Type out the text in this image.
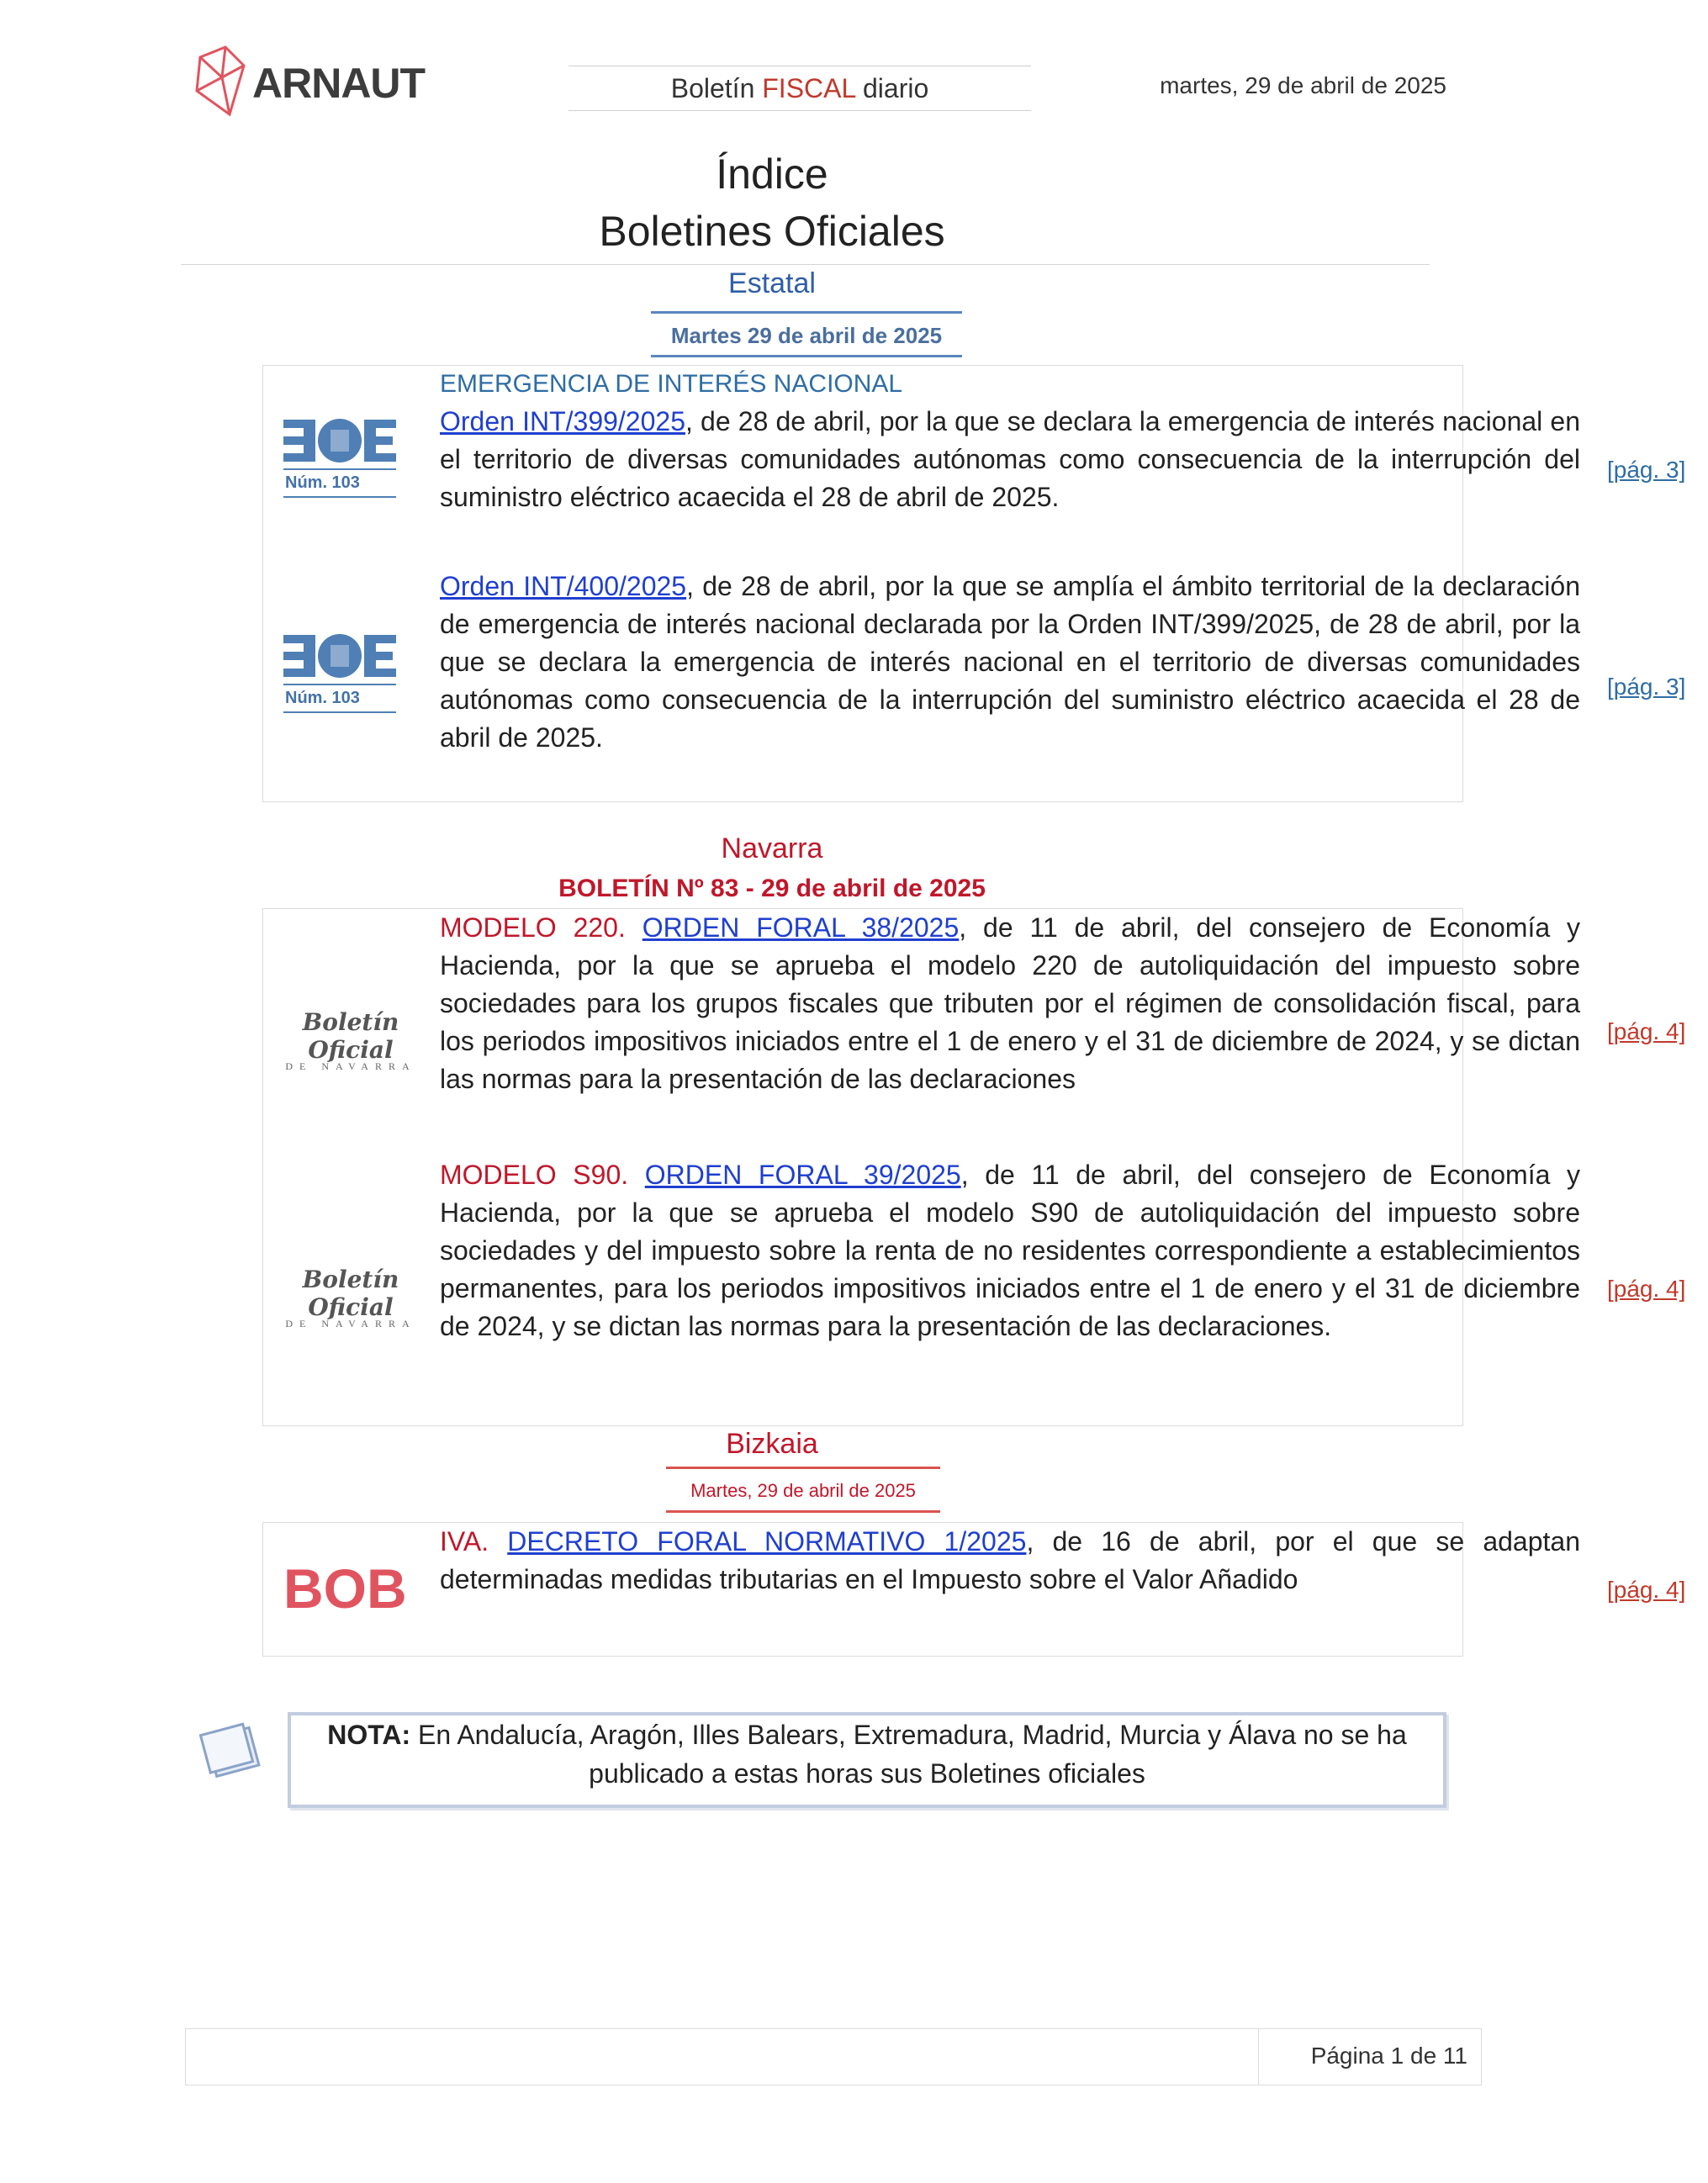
ARNAUT	Boletín FISCAL diario	martes, 29 de abril de 2025
Índice
Boletines Oficiales
Estatal
Martes 29 de abril de 2025
EMERGENCIA DE INTERÉS NACIONAL
Núm. 103
Orden INT/399/2025, de 28 de abril, por la que se declara la emergencia de interés nacional en el territorio de diversas comunidades autónomas como consecuencia de la interrupción del suministro eléctrico acaecida el 28 de abril de 2025.
[pág. 3]
Núm. 103
Orden INT/400/2025, de 28 de abril, por la que se amplía el ámbito territorial de la declaración de emergencia de interés nacional declarada por la Orden INT/399/2025, de 28 de abril, por la que se declara la emergencia de interés nacional en el territorio de diversas comunidades autónomas como consecuencia de la interrupción del suministro eléctrico acaecida el 28 de abril de 2025.
[pág. 3]
Navarra
BOLETÍN Nº 83 - 29 de abril de 2025
Boletín Oficial
DE NAVARRA
MODELO 220. ORDEN FORAL 38/2025, de 11 de abril, del consejero de Economía y Hacienda, por la que se aprueba el modelo 220 de autoliquidación del impuesto sobre sociedades para los grupos fiscales que tributen por el régimen de consolidación fiscal, para los periodos impositivos iniciados entre el 1 de enero y el 31 de diciembre de 2024, y se dictan las normas para la presentación de las declaraciones
[pág. 4]
Boletín Oficial
DE NAVARRA
MODELO S90. ORDEN FORAL 39/2025, de 11 de abril, del consejero de Economía y Hacienda, por la que se aprueba el modelo S90 de autoliquidación del impuesto sobre sociedades y del impuesto sobre la renta de no residentes correspondiente a establecimientos permanentes, para los periodos impositivos iniciados entre el 1 de enero y el 31 de diciembre de 2024, y se dictan las normas para la presentación de las declaraciones.
[pág. 4]
Bizkaia
Martes, 29 de abril de 2025
BOB
IVA. DECRETO FORAL NORMATIVO 1/2025, de 16 de abril, por el que se adaptan determinadas medidas tributarias en el Impuesto sobre el Valor Añadido	[pág. 4]
NOTA: En Andalucía, Aragón, Illes Balears, Extremadura, Madrid, Murcia y Álava no se ha
publicado a estas horas sus Boletines oficiales
Página 1 de 11
